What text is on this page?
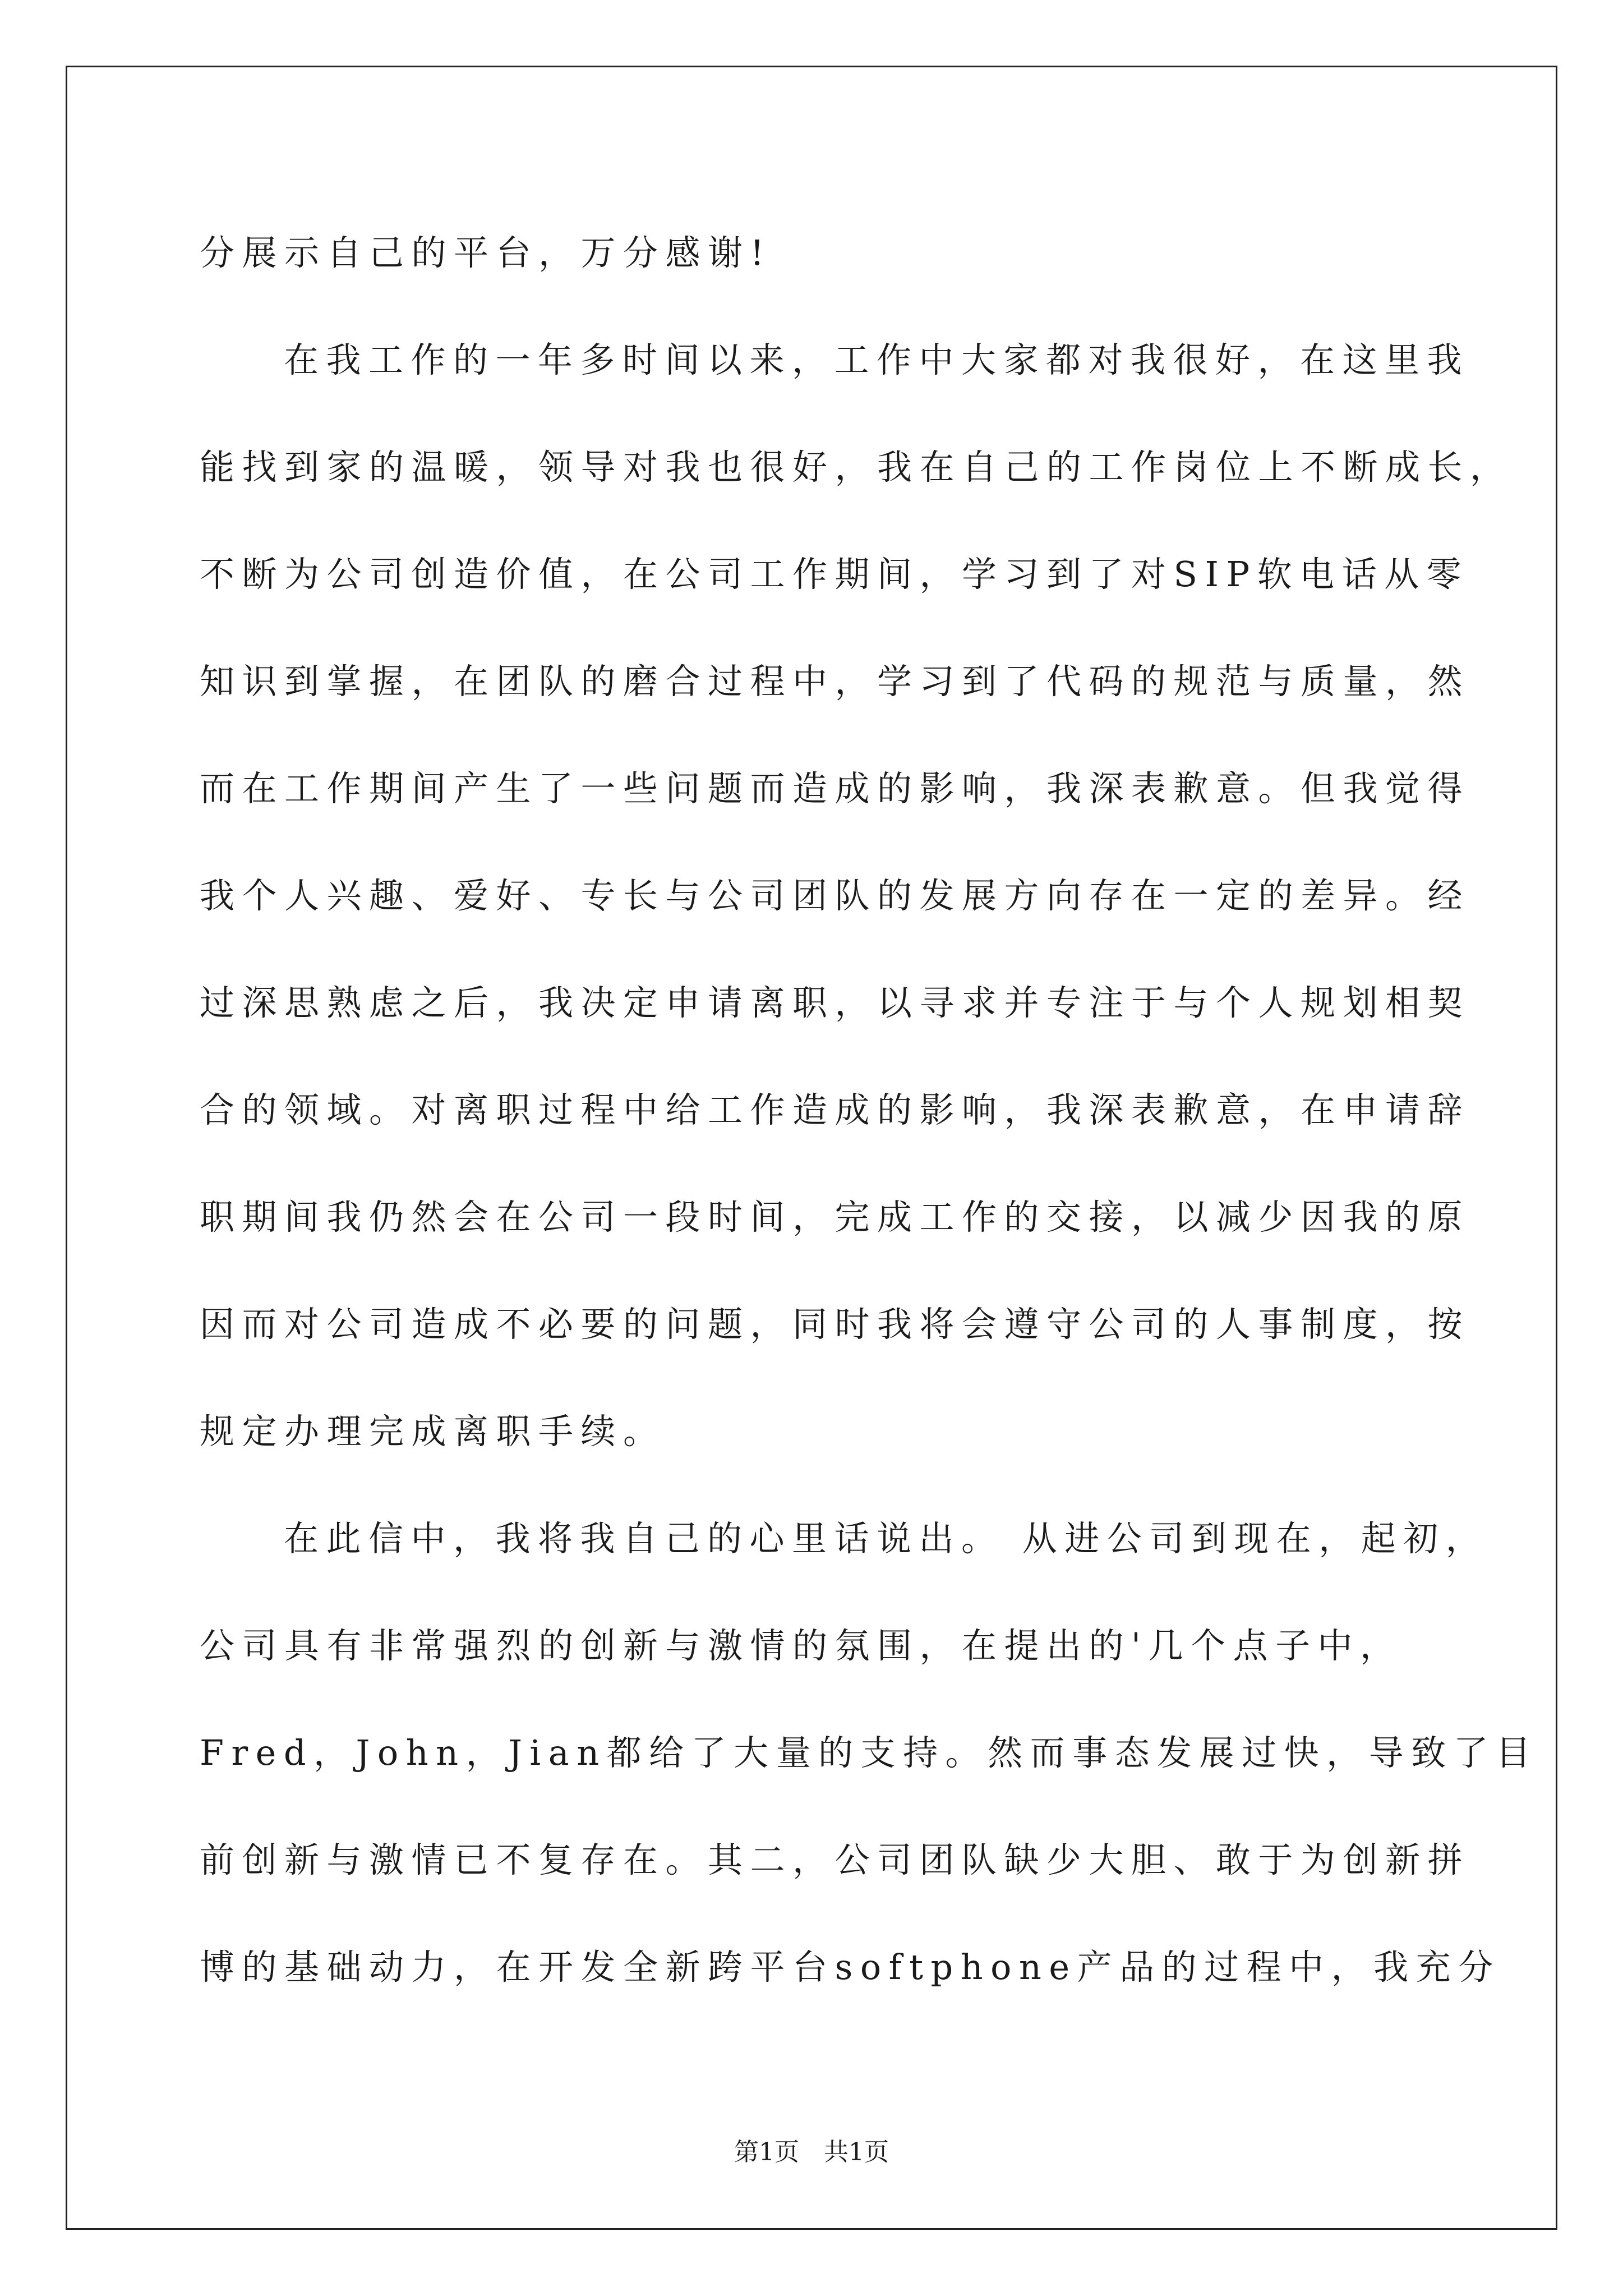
分展示自己的平台，万分感谢!
在我工作的一年多时间以来，工作中大家都对我很好，在这里我
能找到家的温暖，领导对我也很好，我在自己的工作岗位上不断成长，
不断为公司创造价值，在公司工作期间，学习到了对SIP软电话从零
知识到掌握，在团队的磨合过程中，学习到了代码的规范与质量，然
而在工作期间产生了一些问题而造成的影响，我深表歉意。但我觉得
我个人兴趣、爱好、专长与公司团队的发展方向存在一定的差异。经
过深思熟虑之后，我决定申请离职，以寻求并专注于与个人规划相契
合的领域。对离职过程中给工作造成的影响，我深表歉意，在申请辞
职期间我仍然会在公司一段时间，完成工作的交接，以减少因我的原
因而对公司造成不必要的问题，同时我将会遵守公司的人事制度，按
规定办理完成离职手续。
在此信中，我将我自己的心里话说出。 从进公司到现在，起初，
公司具有非常强烈的创新与激情的氛围，在提出的'几个点子中，
Fred，John，Jian都给了大量的支持。然而事态发展过快，导致了目
前创新与激情已不复存在。其二，公司团队缺少大胆、敢于为创新拼
博的基础动力，在开发全新跨平台softphone产品的过程中，我充分
第1页　共1页
